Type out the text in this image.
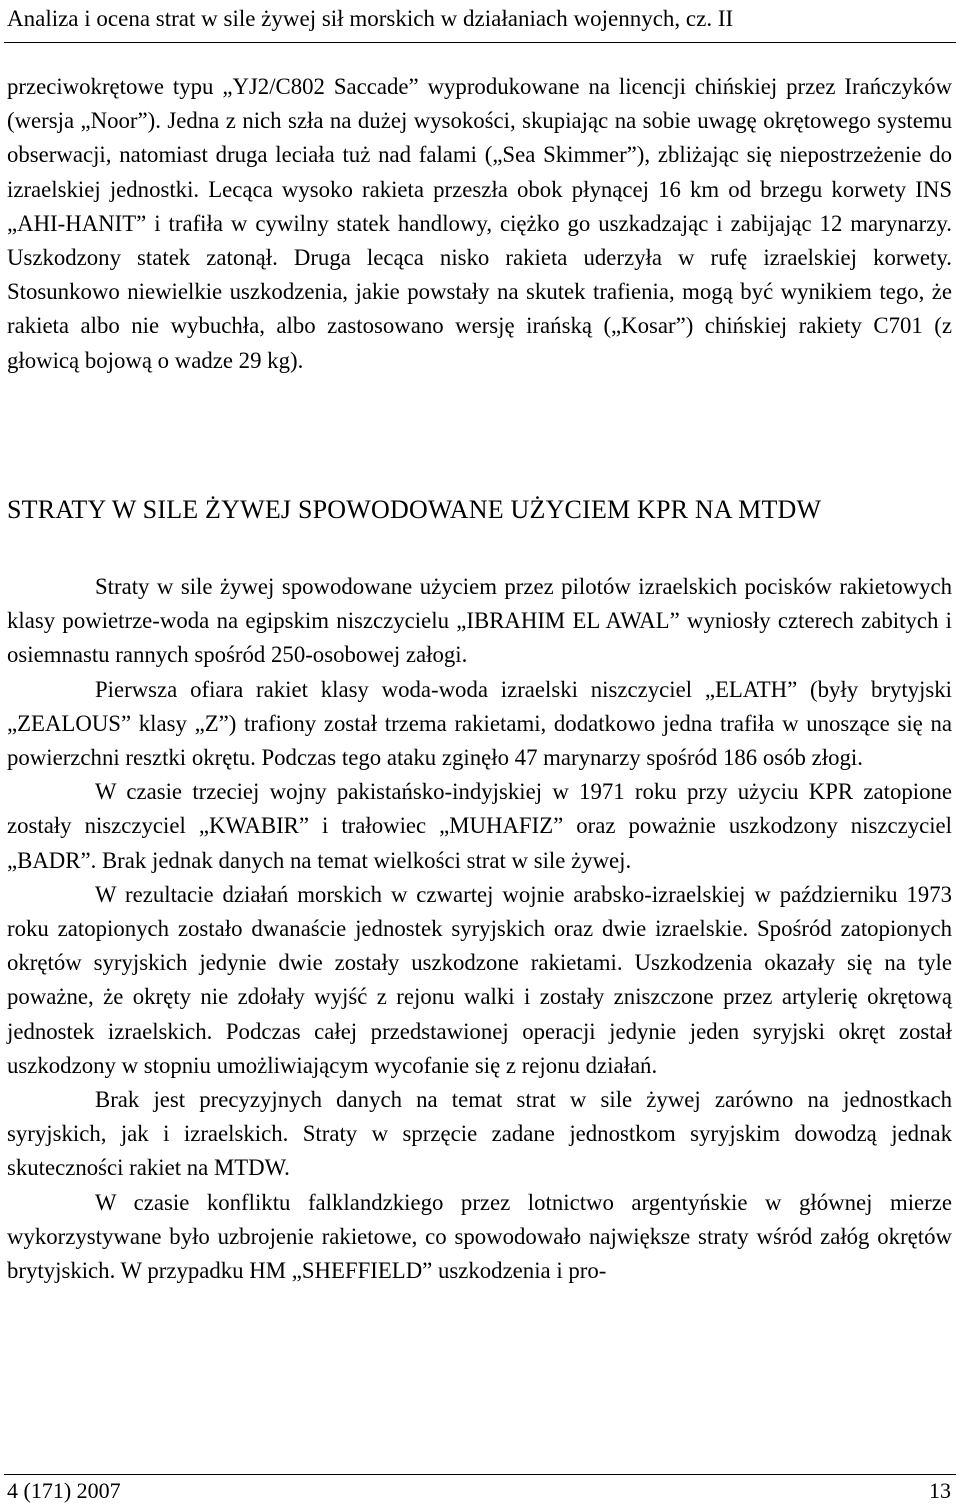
Analiza i ocena strat w sile żywej sił morskich w działaniach wojennych, cz. II

przeciwokrętowe typu „YJ2/C802 Saccade” wyprodukowane na licencji chińskiej przez Irańczyków (wersja „Noor”). Jedna z nich szła na dużej wysokości, skupiając na sobie uwagę okrętowego systemu obserwacji, natomiast druga leciała tuż nad falami („Sea Skimmer”), zbliżając się niepostrzeżenie do izraelskiej jednostki. Lecąca wysoko rakieta przeszła obok płynącej 16 km od brzegu korwety INS „AHI-HANIT” i trafiła w cywilny statek handlowy, ciężko go uszkadzając i zabijając 12 marynarzy. Uszkodzony statek zatonął. Druga lecąca nisko rakieta uderzyła w rufę izraelskiej korwety. Stosunkowo niewielkie uszkodzenia, jakie powstały na skutek trafienia, mogą być wynikiem tego, że rakieta albo nie wybuchła, albo zastosowano wersję irańską („Kosar”) chińskiej rakiety C701 (z głowicą bojową o wadze 29 kg).

STRATY W SILE ŻYWEJ SPOWODOWANE UŻYCIEM KPR NA MTDW

Straty w sile żywej spowodowane użyciem przez pilotów izraelskich pocisków rakietowych klasy powietrze-woda na egipskim niszczycielu „IBRAHIM EL AWAL” wyniosły czterech zabitych i osiemnastu rannych spośród 250-osobowej załogi.

Pierwsza ofiara rakiet klasy woda-woda izraelski niszczyciel „ELATH” (były brytyjski „ZEALOUS” klasy „Z”) trafiony został trzema rakietami, dodatkowo jedna trafiła w unoszące się na powierzchni resztki okrętu. Podczas tego ataku zginęło 47 marynarzy spośród 186 osób złogi.

W czasie trzeciej wojny pakistańsko-indyjskiej w 1971 roku przy użyciu KPR zatopione zostały niszczyciel „KWABIR” i trałowiec „MUHAFIZ” oraz poważnie uszkodzony niszczyciel „BADR”. Brak jednak danych na temat wielkości strat w sile żywej.

W rezultacie działań morskich w czwartej wojnie arabsko-izraelskiej w październiku 1973 roku zatopionych zostało dwanaście jednostek syryjskich oraz dwie izraelskie. Spośród zatopionych okrętów syryjskich jedynie dwie zostały uszkodzone rakietami. Uszkodzenia okazały się na tyle poważne, że okręty nie zdołały wyjść z rejonu walki i zostały zniszczone przez artylerię okrętową jednostek izraelskich. Podczas całej przedstawionej operacji jedynie jeden syryjski okręt został uszkodzony w stopniu umożliwiającym wycofanie się z rejonu działań.

Brak jest precyzyjnych danych na temat strat w sile żywej zarówno na jednostkach syryjskich, jak i izraelskich. Straty w sprzęcie zadane jednostkom syryjskim dowodzą jednak skuteczności rakiet na MTDW.

W czasie konfliktu falklandzkiego przez lotnictwo argentyńskie w głównej mierze wykorzystywane było uzbrojenie rakietowe, co spowodowało największe straty wśród załóg okrętów brytyjskich. W przypadku HM „SHEFFIELD” uszkodzenia i pro-

4 (171) 2007	13
